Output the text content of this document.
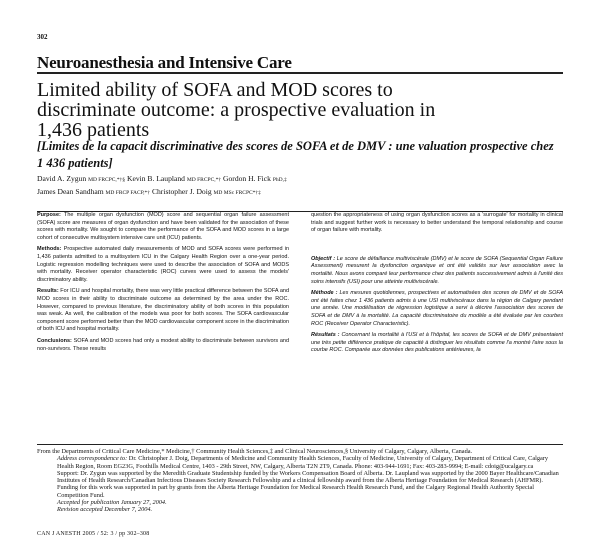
302
Neuroanesthesia and Intensive Care
Limited ability of SOFA and MOD scores to discriminate outcome: a prospective evaluation in 1,436 patients
[Limites de la capacit discriminative des scores de SOFA et de DMV : une valuation prospective chez 1 436 patients]
David A. Zygun MD FRCPC,*†§ Kevin B. Laupland MD FRCPC,*† Gordon H. Fick PhD,‡
James Dean Sandham MD FRCP FACP,*† Christopher J. Doig MD MSc FRCPC*†‡

Purpose: The multiple organ dysfunction (MOD) score and sequential organ failure assessment (SOFA) score are measures of organ dysfunction and have been validated for the association of these scores with mortality. We sought to compare the performance of the SOFA and MOD scores in a large cohort of consecutive multisystem intensive care unit (ICU) patients.

Methods: Prospective automated daily measurements of MOD and SOFA scores were performed in 1,436 patients admitted to a multisystem ICU in the Calgary Health Region over a one-year period. Logistic regression modelling techniques were used to describe the association of SOFA and MODS with mortality. Receiver operator characteristic (ROC) curves were used to assess the models' discriminatory ability.

Results: For ICU and hospital mortality, there was very little practical difference between the SOFA and MOD scores in their ability to discriminate outcome as determined by the area under the ROC. However, compared to previous literature, the discriminatory ability of both scores in this population was weak. As well, the calibration of the models was poor for both scores. The SOFA cardiovascular component score performed better than the MOD cardiovascular component score in the discrimination of both ICU and hospital mortality.

Conclusions: SOFA and MOD scores had only a modest ability to discriminate between survivors and non-survivors. These results

question the appropriateness of using organ dysfunction scores as a 'surrogate' for mortality in clinical trials and suggest further work is necessary to better understand the temporal relationship and course of organ failure with mortality.

Objectif : Le score de défaillance multiviscérale (DMV) et le score de SOFA (Sequential Organ Failure Assessment) mesurent la dysfonction organique et ont été validés sur leur association avec la mortalité. Nous avons comparé leur performance chez des patients successivement admis à l'unité des soins intensifs (USI) pour une atteinte multiviscérale.

Méthode : Les mesures quotidiennes, prospectives et automatisées des scores de DMV et de SOFA ont été faites chez 1 436 patients admis à une USI multiviscéraux dans la région de Calgary pendant une année. Une modélisation de régression logistique a servi à décrire l'association des scores de SOFA et de DMV à la mortalité. La capacité discriminatoire du modèle a été évaluée par les courbes ROC (Receiver Operator Characteristic).

Résultats : Concernant la mortalité à l'USI et à l'hôpital, les scores de SOFA et de DMV présentaient une très petite différence pratique de capacité à distinguer les résultats comme l'a montré l'aire sous la courbe ROC. Comparée aux données des publications antérieures, la

From the Departments of Critical Care Medicine,* Medicine,† Community Health Sciences,‡ and Clinical Neurosciences,§ University of Calgary, Calgary, Alberta, Canada.

Address correspondence to: Dr. Christopher J. Doig, Departments of Medicine and Community Health Sciences, Faculty of Medicine, University of Calgary, Department of Critical Care, Calgary Health Region, Room EG23G, Foothills Medical Centre, 1403 - 29th Street, NW, Calgary, Alberta T2N 2T9, Canada. Phone: 403-944-1691; Fax: 403-283-9994; E-mail: cdoig@ucalgary.ca

Support: Dr. Zygun was supported by the Meredith Graduate Studentship funded by the Workers Compensation Board of Alberta. Dr. Laupland was supported by the 2000 Bayer Healthcare/Canadian Institutes of Health Research/Canadian Infectious Diseases Society Research Fellowship and a clinical fellowship award from the Alberta Heritage Foundation for Medical Research (AHFMR). Funding for this work was supported in part by grants from the Alberta Heritage Foundation for Medical Research Health Research Fund, and the Calgary Regional Health Authority Special Competition Fund.

Accepted for publication January 27, 2004.

Revision accepted December 7, 2004.

CAN J ANESTH 2005 / 52: 3 / pp 302–308
